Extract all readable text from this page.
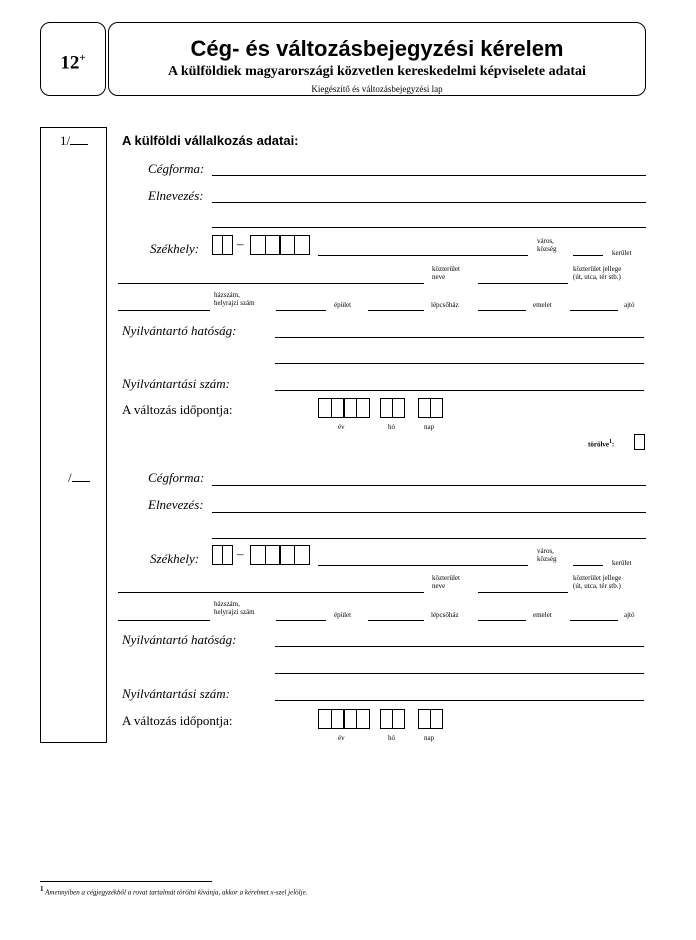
12+	Cég- és változásbejegyzési kérelem
A külföldiek magyarországi közvetlen kereskedelmi képviselete adatai
Kiegészítő és változásbejegyzési lap
1/	A külföldi vállalkozás adatai:
Cégforma:
Elnevezés:
Székhely:	–	város,
község	kerület
közterület
neve
közterület jellege
(út, utca, tér stb.)
házszám,
helyrajzi szám	épület	lépcsőház	emelet	ajtó
Nyilvántartó hatóság:
Nyilvántartási szám:
A változás időpontja:
év	hó	nap
törölve$^1$:
/	Cégforma:
Elnevezés:
Székhely:	–	város,
község	kerület
közterület
neve
közterület jellege
(út, utca, tér stb.)
házszám,
helyrajzi szám	épület	lépcsőház	emelet	ajtó
Nyilvántartó hatóság:
Nyilvántartási szám:
A változás időpontja:
év	hó	nap
$^1$ Amennyiben a cégjegyzékből a rovat tartalmát törölni kívánja, akkor a kérelmet x-szel jelölje.
